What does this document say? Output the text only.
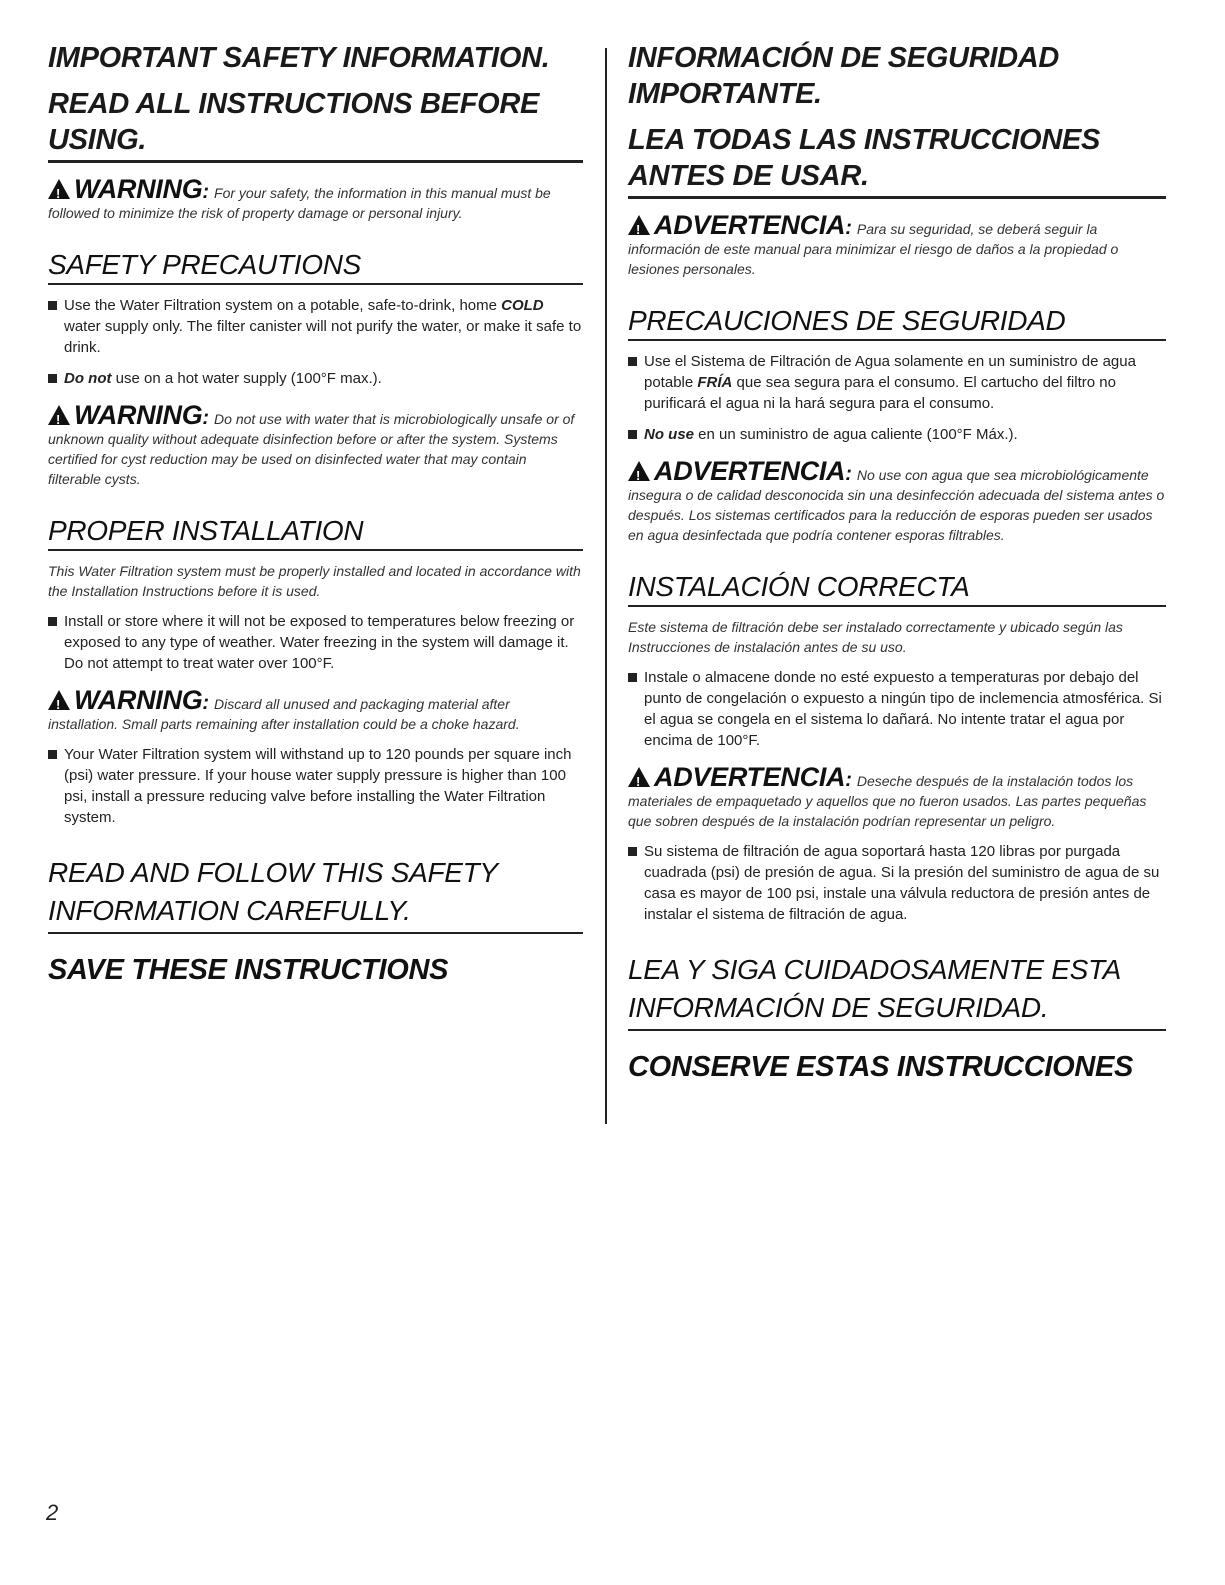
IMPORTANT SAFETY INFORMATION.
READ ALL INSTRUCTIONS BEFORE USING.

!WARNING: For your safety, the information in this manual must be followed to minimize the risk of property damage or personal injury.

SAFETY PRECAUTIONS
Use the Water Filtration system on a potable, safe-to-drink, home COLD water supply only. The filter canister will not purify the water, or make it safe to drink.
Do not use on a hot water supply (100°F max.).

!WARNING: Do not use with water that is microbiologically unsafe or of unknown quality without adequate disinfection before or after the system. Systems certified for cyst reduction may be used on disinfected water that may contain filterable cysts.

PROPER INSTALLATION

This Water Filtration system must be properly installed and located in accordance with the Installation Instructions before it is used.

Install or store where it will not be exposed to temperatures below freezing or exposed to any type of weather. Water freezing in the system will damage it. Do not attempt to treat water over 100°F.

!WARNING: Discard all unused and packaging material after installation. Small parts remaining after installation could be a choke hazard.

Your Water Filtration system will withstand up to 120 pounds per square inch (psi) water pressure. If your house water supply pressure is higher than 100 psi, install a pressure reducing valve before installing the Water Filtration system.
READ AND FOLLOW THIS SAFETY INFORMATION CAREFULLY.
SAVE THESE INSTRUCTIONS
INFORMACIÓN DE SEGURIDAD IMPORTANTE.
LEA TODAS LAS INSTRUCCIONES ANTES DE USAR.

!ADVERTENCIA: Para su seguridad, se deberá seguir la información de este manual para minimizar el riesgo de daños a la propiedad o lesiones personales.

PRECAUCIONES DE SEGURIDAD
Use el Sistema de Filtración de Agua solamente en un suministro de agua potable FRÍA que sea segura para el consumo. El cartucho del filtro no purificará el agua ni la hará segura para el consumo.
No use en un suministro de agua caliente (100°F Máx.).

!ADVERTENCIA: No use con agua que sea microbiológicamente insegura o de calidad desconocida sin una desinfección adecuada del sistema antes o después. Los sistemas certificados para la reducción de esporas pueden ser usados en agua desinfectada que podría contener esporas filtrables.

INSTALACIÓN CORRECTA

Este sistema de filtración debe ser instalado correctamente y ubicado según las Instrucciones de instalación antes de su uso.

Instale o almacene donde no esté expuesto a temperaturas por debajo del punto de congelación o expuesto a ningún tipo de inclemencia atmosférica. Si el agua se congela en el sistema lo dañará. No intente tratar el agua por encima de 100°F.

!ADVERTENCIA: Deseche después de la instalación todos los materiales de empaquetado y aquellos que no fueron usados. Las partes pequeñas que sobren después de la instalación podrían representar un peligro.

Su sistema de filtración de agua soportará hasta 120 libras por purgada cuadrada (psi) de presión de agua. Si la presión del suministro de agua de su casa es mayor de 100 psi, instale una válvula reductora de presión antes de instalar el sistema de filtración de agua.
LEA Y SIGA CUIDADOSAMENTE ESTA INFORMACIÓN DE SEGURIDAD.
CONSERVE ESTAS INSTRUCCIONES
2
